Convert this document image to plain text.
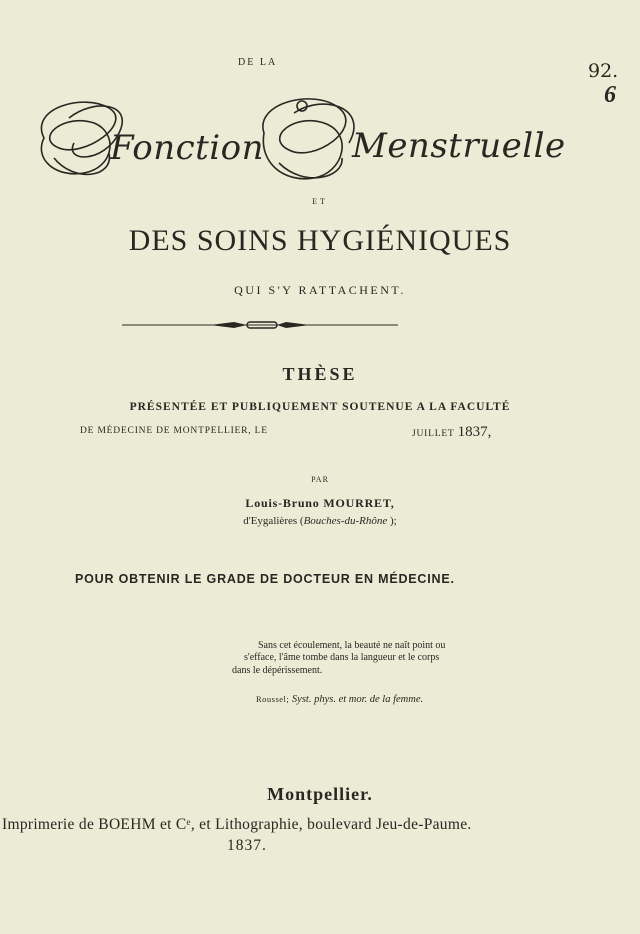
DE LA	92.
6
Fonction	Menstruelle
ET
DES SOINS HYGIÉNIQUES
QUI S'Y RATTACHENT.
THÈSE
PRÉSENTÉE ET PUBLIQUEMENT SOUTENUE A LA FACULTÉ
DE MÉDECINE DE MONTPELLIER, LE	JUILLET 1837,
PAR
Louis-Bruno MOURRET,
d'Eygalières (Bouches-du-Rhône );
POUR OBTENIR LE GRADE DE DOCTEUR EN MÉDECINE.
Sans cet écoulement, la beauté ne naît point ou
s'efface, l'âme tombe dans la langueur et le corps
dans le dépérissement.
Roussel; Syst. phys. et mor. de la femme.
Montpellier.
Imprimerie de BOEHM et Cᵉ, et Lithographie, boulevard Jeu-de-Paume.
1837.
